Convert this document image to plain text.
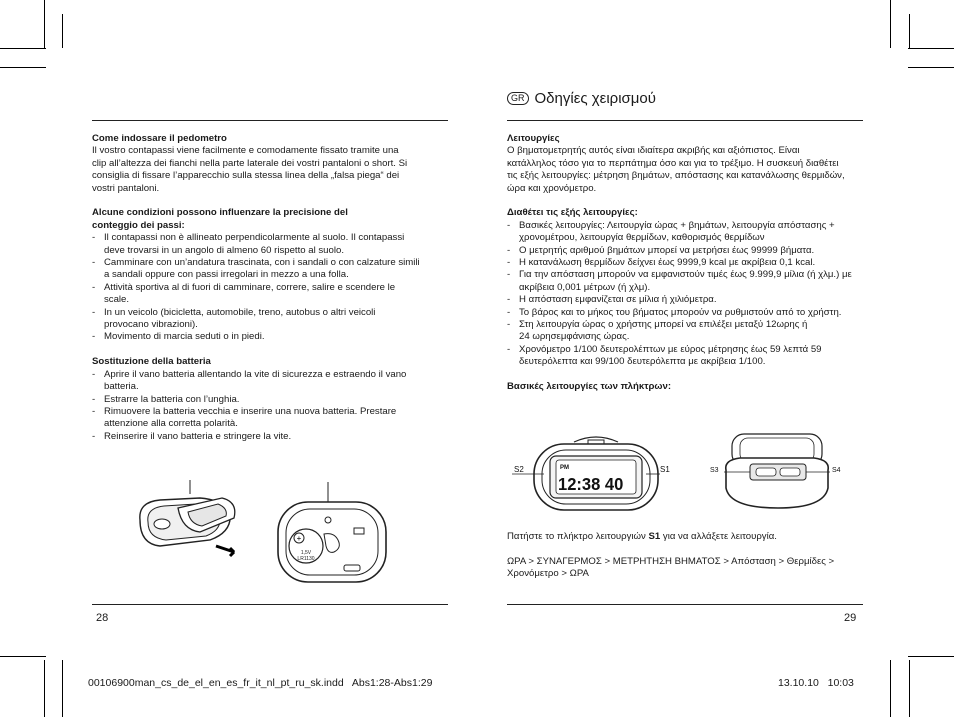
Come indossare il pedometro

Il vostro contapassi viene facilmente e comodamente fissato tramite una

clip all’altezza dei fianchi nella parte laterale dei vostri pantaloni o short. Si

consiglia di fissare l’apparecchio sulla stessa linea della „falsa piega“ dei

vostri pantaloni.

Alcune condizioni possono influenzare la precisione del

conteggio dei passi:

- Il contapassi non è allineato perpendicolarmente al suolo. Il contapassi

deve trovarsi in un angolo di almeno 60 rispetto al suolo.

- Camminare con un’andatura trascinata, con i sandali o con calzature simili

a sandali oppure con passi irregolari in mezzo a una folla.

- Attività sportiva al di fuori di camminare, correre, salire e scendere le

scale.

- In un veicolo (bicicletta, automobile, treno, autobus o altri veicoli

provocano vibrazioni).

- Movimento di marcia seduti o in piedi.

Sostituzione della batteria

- Aprire il vano batteria allentando la vite di sicurezza e estraendo il vano

batteria.

- Estrarre la batteria con l’unghia.

- Rimuovere la batteria vecchia e inserire una nuova batteria. Prestare

attenzione alla corretta polarità.

- Reinserire il vano batteria e stringere la vite.

+
1,5V
LR1130
28
GR Οδηγίες χειρισμού

Λειτουργίες

Ο βηματομετρητής αυτός είναι ιδιαίτερα ακριβής και αξιόπιστος. Είναι

κατάλληλος τόσο για το περπάτημα όσο και για το τρέξιμο. Η συσκευή διαθέτει

τις εξής λειτουργίες: μέτρηση βημάτων, απόστασης και κατανάλωσης θερμιδών,

ώρα και χρονόμετρο.

Διαθέτει τις εξής λειτουργίες:

- Βασικές λειτουργίες: Λειτουργία ώρας + βημάτων, λειτουργία απόστασης +

χρονομέτρου, λειτουργία θερμίδων, καθορισμός θερμίδων

- Ο μετρητής αριθμού βημάτων μπορεί να μετρήσει έως 99999 βήματα.

- Η κατανάλωση θερμίδων δείχνει έως 9999,9 kcal με ακρίβεια 0,1 kcal.

- Για την απόσταση μπορούν να εμφανιστούν τιμές έως 9.999,9 μίλια (ή χλμ.) με

ακρίβεια 0,001 μέτρων (ή χλμ).

- Η απόσταση εμφανίζεται σε μίλια ή χιλιόμετρα.

- Το βάρος και το μήκος του βήματος μπορούν να ρυθμιστούν από το χρήστη.

- Στη λειτουργία ώρας ο χρήστης μπορεί να επιλέξει μεταξύ 12ωρης ή

24 ωρησεμφάνισης ώρας.

- Χρονόμετρο 1/100 δευτερολέπτων με εύρος μέτρησης έως 59 λεπτά 59

δευτερόλεπτα και 99/100 δευτερόλεπτα με ακρίβεια 1/100.

Βασικές λειτουργίες των πλήκτρων:

PM
12:38 40
S2	S1	S3	S4

Πατήστε το πλήκτρο λειτουργιών S1 για να αλλάξετε λειτουργία.

ΩΡΑ > ΣΥΝΑΓΕΡΜΟΣ > ΜΕΤΡΗΤΗΣΗ ΒΗΜΑΤΟΣ > Απόσταση > Θερμίδες >

Χρονόμετρο > ΩΡΑ

29
00106900man_cs_de_el_en_es_fr_it_nl_pt_ru_sk.indd   Abs1:28-Abs1:29	13.10.10   10:03
